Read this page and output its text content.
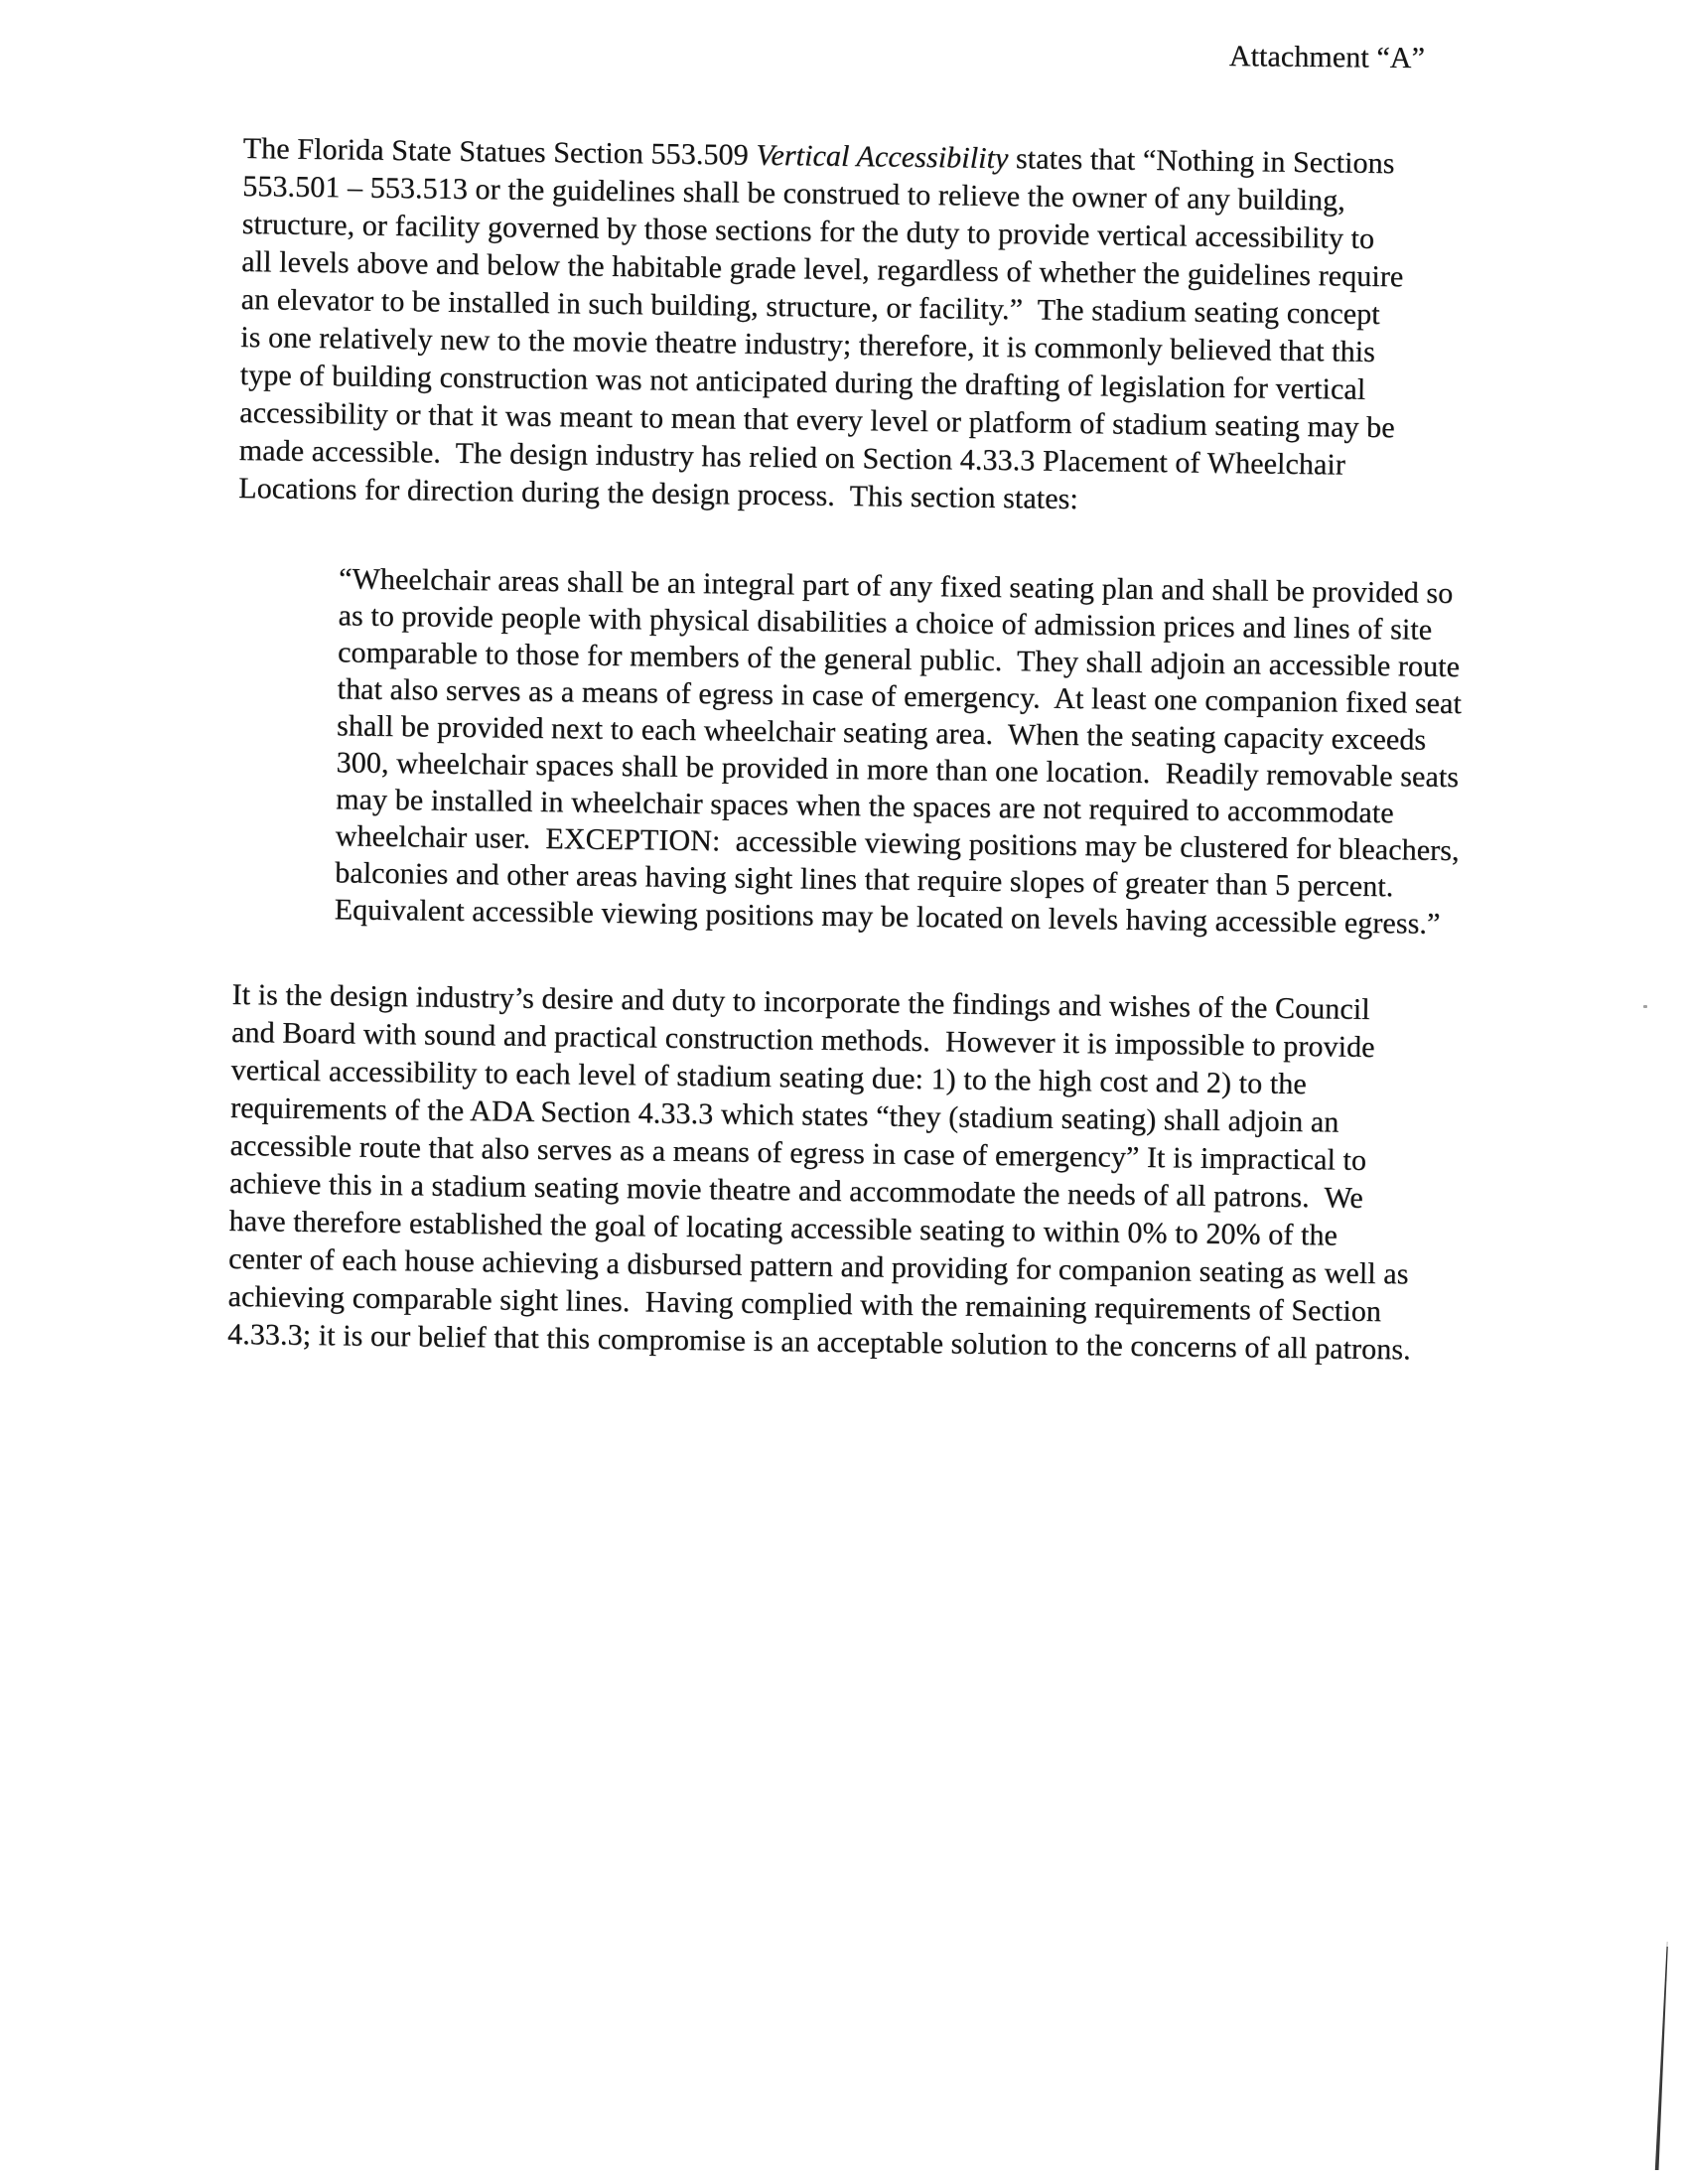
Attachment “A”

The Florida State Statues Section 553.509 Vertical Accessibility states that “Nothing in Sections 553.501 – 553.513 or the guidelines shall be construed to relieve the owner of any building, structure, or facility governed by those sections for the duty to provide vertical accessibility to all levels above and below the habitable grade level, regardless of whether the guidelines require an elevator to be installed in such building, structure, or facility.”  The stadium seating concept is one relatively new to the movie theatre industry; therefore, it is commonly believed that this type of building construction was not anticipated during the drafting of legislation for vertical accessibility or that it was meant to mean that every level or platform of stadium seating may be made accessible.  The design industry has relied on Section 4.33.3 Placement of Wheelchair Locations for direction during the design process.  This section states:

“Wheelchair areas shall be an integral part of any fixed seating plan and shall be provided so as to provide people with physical disabilities a choice of admission prices and lines of site comparable to those for members of the general public.  They shall adjoin an accessible route that also serves as a means of egress in case of emergency.  At least one companion fixed seat shall be provided next to each wheelchair seating area.  When the seating capacity exceeds 300, wheelchair spaces shall be provided in more than one location.  Readily removable seats may be installed in wheelchair spaces when the spaces are not required to accommodate wheelchair user.  EXCEPTION:  accessible viewing positions may be clustered for bleachers, balconies and other areas having sight lines that require slopes of greater than 5 percent.   Equivalent accessible viewing positions may be located on levels having accessible egress.”

It is the design industry’s desire and duty to incorporate the findings and wishes of the Council and Board with sound and practical construction methods.  However it is impossible to provide vertical accessibility to each level of stadium seating due: 1) to the high cost and 2) to the requirements of the ADA Section 4.33.3 which states “they (stadium seating) shall adjoin an accessible route that also serves as a means of egress in case of emergency” It is impractical to achieve this in a stadium seating movie theatre and accommodate the needs of all patrons.  We have therefore established the goal of locating accessible seating to within 0% to 20% of the center of each house achieving a disbursed pattern and providing for companion seating as well as achieving comparable sight lines.  Having complied with the remaining requirements of Section 4.33.3; it is our belief that this compromise is an acceptable solution to the concerns of all patrons.
